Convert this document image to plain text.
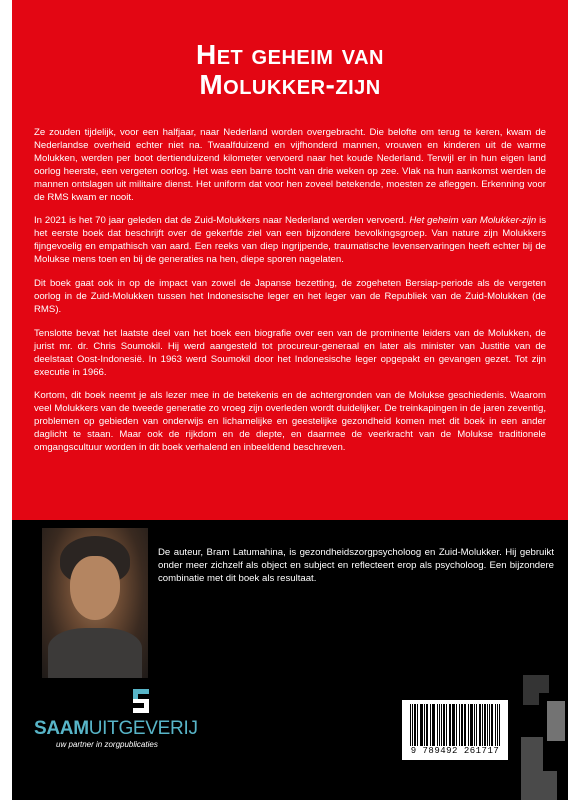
Het geheim van
Molukker-zijn

Ze zouden tijdelijk, voor een halfjaar, naar Nederland worden overgebracht. Die belofte om terug te keren, kwam de Nederlandse overheid echter niet na. Twaalfduizend en vijfhonderd mannen, vrouwen en kinderen uit de warme Molukken, werden per boot dertienduizend kilometer vervoerd naar het koude Nederland. Terwijl er in hun eigen land oorlog heerste, een vergeten oorlog. Het was een barre tocht van drie weken op zee. Vlak na hun aankomst werden de mannen ontslagen uit militaire dienst. Het uniform dat voor hen zoveel betekende, moesten ze afleggen. Erkenning voor de RMS kwam er nooit.

In 2021 is het 70 jaar geleden dat de Zuid-Molukkers naar Nederland werden vervoerd. Het geheim van Molukker-zijn is het eerste boek dat beschrijft over de gekerfde ziel van een bijzondere bevolkingsgroep. Van nature zijn Molukkers fijngevoelig en empathisch van aard. Een reeks van diep ingrijpende, traumatische levenservaringen heeft echter bij de Molukse mens toen en bij de generaties na hen, diepe sporen nagelaten.

Dit boek gaat ook in op de impact van zowel de Japanse bezetting, de zogeheten Bersiap-periode als de vergeten oorlog in de Zuid-Molukken tussen het Indonesische leger en het leger van de Republiek van de Zuid-Molukken (de RMS).

Tenslotte bevat het laatste deel van het boek een biografie over een van de prominente leiders van de Molukken, de jurist mr. dr. Chris Soumokil. Hij werd aangesteld tot procureur-generaal en later als minister van Justitie van de deelstaat Oost-Indonesië. In 1963 werd Soumokil door het Indonesische leger opgepakt en gevangen gezet. Tot zijn executie in 1966.

Kortom, dit boek neemt je als lezer mee in de betekenis en de achtergronden van de Molukse geschiedenis. Waarom veel Molukkers van de tweede generatie zo vroeg zijn overleden wordt duidelijker. De treinkapingen in de jaren zeventig, problemen op gebieden van onderwijs en lichamelijke en geestelijke gezondheid komen met dit boek in een ander daglicht te staan. Maar ook de rijkdom en de diepte, en daarmee de veerkracht van de Molukse traditionele omgangscultuur worden in dit boek verhalend en inbeeldend beschreven.

De auteur, Bram Latumahina, is gezondheidszorgpsycholoog en Zuid-Molukker. Hij gebruikt onder meer zichzelf als object en subject en reflecteert erop als psycholoog. Een bijzondere combinatie met dit boek als resultaat.
SAAMUITGEVERIJ
uw partner in zorgpublicaties
9 789492 261717
